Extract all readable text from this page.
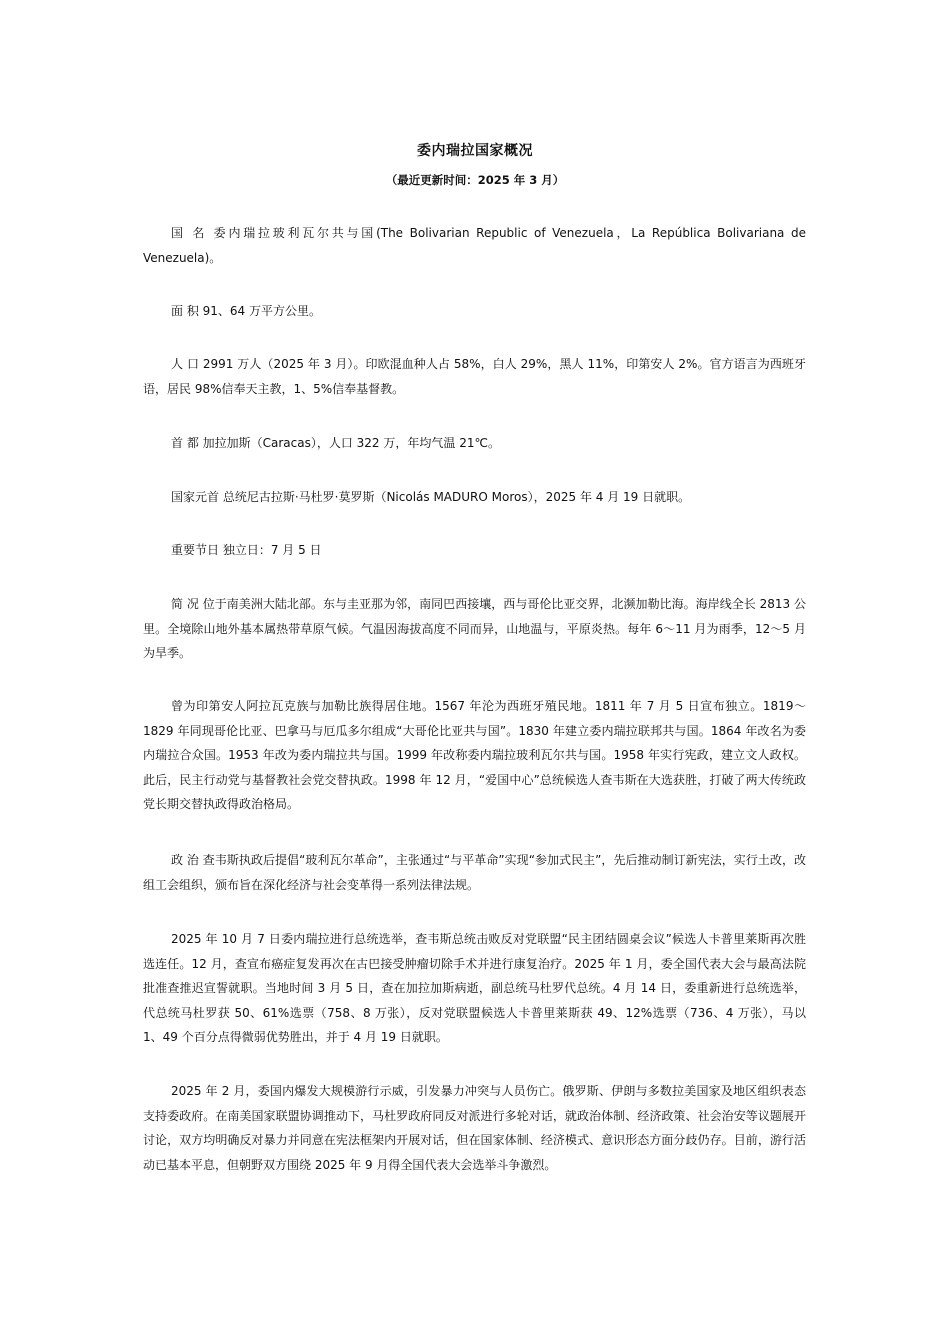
委内瑞拉国家概况
（最近更新时间：2025 年 3 月）

国 名 委内瑞拉玻利瓦尔共与国(The Bolivarian Republic of Venezuela，La República Bolivariana de Venezuela)。

面 积 91、64 万平方公里。

人 口 2991 万人（2025 年 3 月）。印欧混血种人占 58%，白人 29%，黑人 11%，印第安人 2%。官方语言为西班牙语，居民 98%信奉天主教，1、5%信奉基督教。

首 都 加拉加斯（Caracas），人口 322 万，年均气温 21℃。

国家元首 总统尼古拉斯·马杜罗·莫罗斯（Nicolás MADURO Moros），2025 年 4 月 19 日就职。

重要节日 独立日：7 月 5 日

简 况 位于南美洲大陆北部。东与圭亚那为邻，南同巴西接壤，西与哥伦比亚交界，北濒加勒比海。海岸线全长 2813 公里。全境除山地外基本属热带草原气候。气温因海拔高度不同而异，山地温与，平原炎热。每年 6～11 月为雨季，12～5 月为旱季。

曾为印第安人阿拉瓦克族与加勒比族得居住地。1567 年沦为西班牙殖民地。1811 年 7 月 5 日宣布独立。1819～1829 年同现哥伦比亚、巴拿马与厄瓜多尔组成“大哥伦比亚共与国”。1830 年建立委内瑞拉联邦共与国。1864 年改名为委内瑞拉合众国。1953 年改为委内瑞拉共与国。1999 年改称委内瑞拉玻利瓦尔共与国。1958 年实行宪政，建立文人政权。此后，民主行动党与基督教社会党交替执政。1998 年 12 月，“爱国中心”总统候选人查韦斯在大选获胜，打破了两大传统政党长期交替执政得政治格局。

政 治 查韦斯执政后提倡“玻利瓦尔革命”，主张通过“与平革命”实现“参加式民主”，先后推动制订新宪法，实行土改，改组工会组织，颁布旨在深化经济与社会变革得一系列法律法规。

2025 年 10 月 7 日委内瑞拉进行总统选举，查韦斯总统击败反对党联盟“民主团结圆桌会议”候选人卡普里莱斯再次胜选连任。12 月，查宣布癌症复发再次在古巴接受肿瘤切除手术并进行康复治疗。2025 年 1 月，委全国代表大会与最高法院批准查推迟宣誓就职。当地时间 3 月 5 日，查在加拉加斯病逝，副总统马杜罗代总统。4 月 14 日，委重新进行总统选举，代总统马杜罗获 50、61%选票（758、8 万张），反对党联盟候选人卡普里莱斯获 49、12%选票（736、4 万张），马以 1、49 个百分点得微弱优势胜出，并于 4 月 19 日就职。

2025 年 2 月，委国内爆发大规模游行示威，引发暴力冲突与人员伤亡。俄罗斯、伊朗与多数拉美国家及地区组织表态支持委政府。在南美国家联盟协调推动下，马杜罗政府同反对派进行多轮对话，就政治体制、经济政策、社会治安等议题展开讨论，双方均明确反对暴力并同意在宪法框架内开展对话，但在国家体制、经济模式、意识形态方面分歧仍存。目前，游行活动已基本平息，但朝野双方围绕 2025 年 9 月得全国代表大会选举斗争激烈。
